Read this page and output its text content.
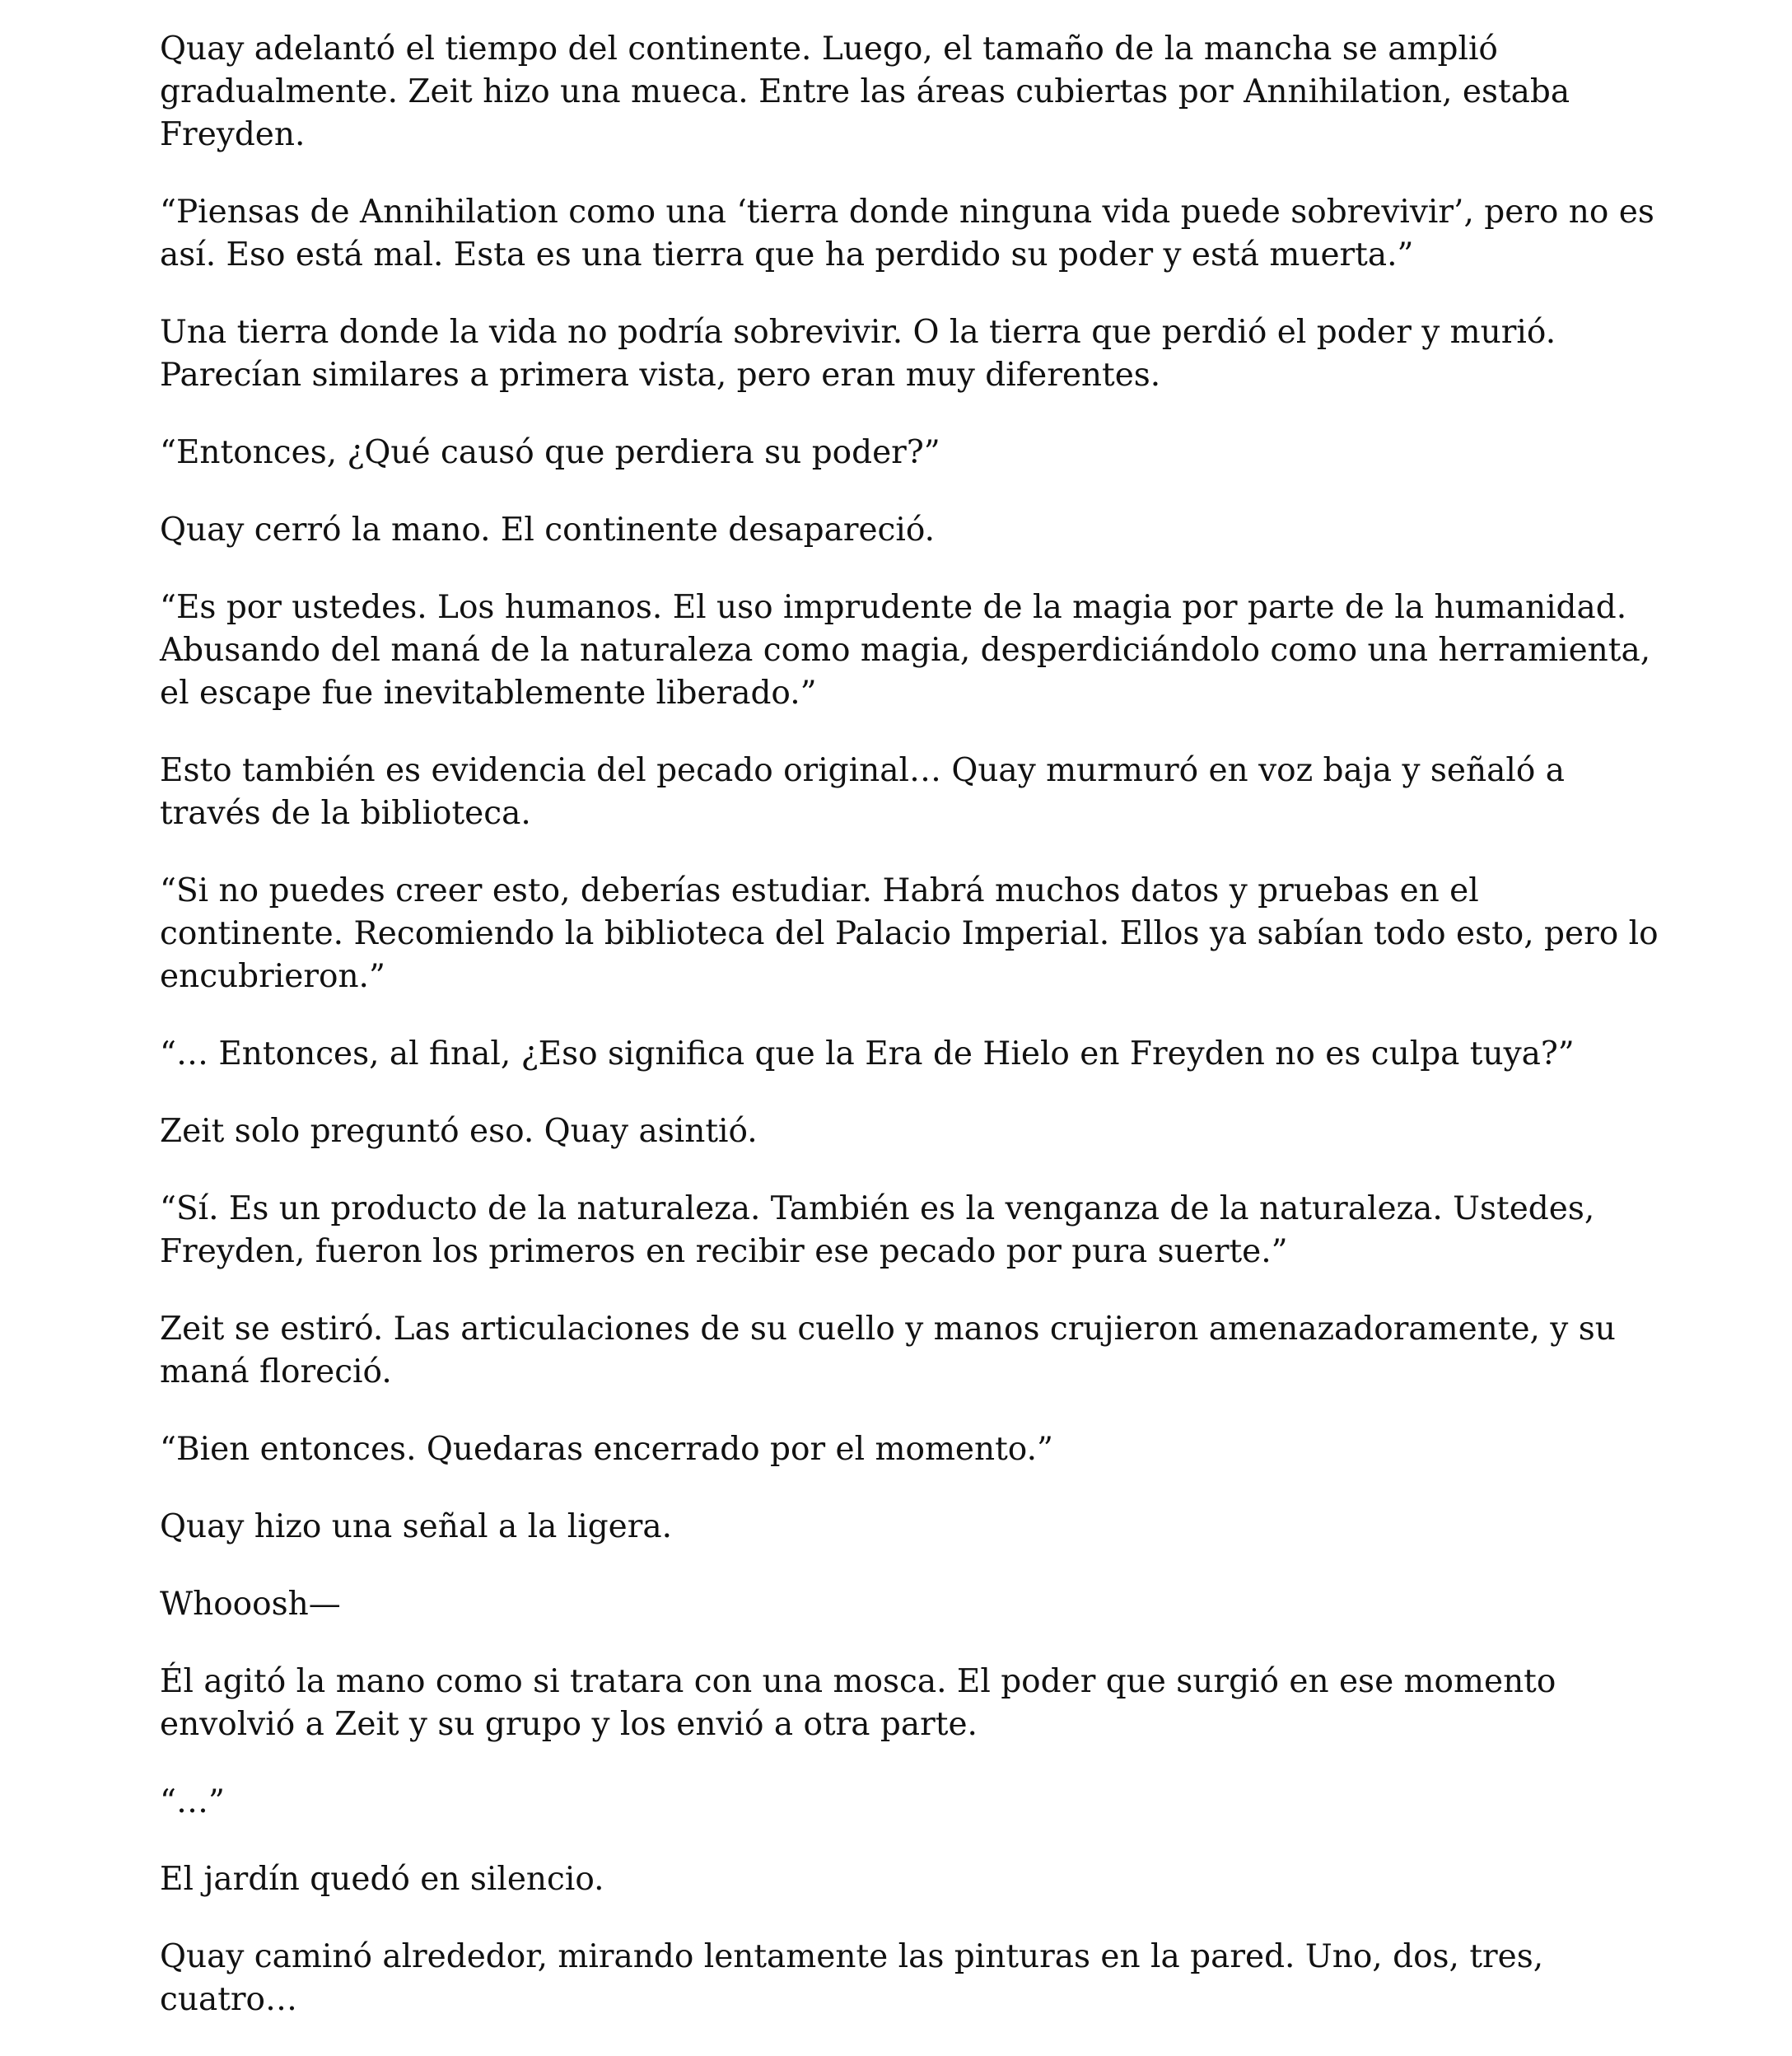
Quay adelantó el tiempo del continente. Luego, el tamaño de la mancha se amplió gradualmente. Zeit hizo una mueca. Entre las áreas cubiertas por Annihilation, estaba Freyden.

“Piensas de Annihilation como una ‘tierra donde ninguna vida puede sobrevivir’, pero no es así. Eso está mal. Esta es una tierra que ha perdido su poder y está muerta.”

Una tierra donde la vida no podría sobrevivir. O la tierra que perdió el poder y murió. Parecían similares a primera vista, pero eran muy diferentes.

“Entonces, ¿Qué causó que perdiera su poder?”

Quay cerró la mano. El continente desapareció.

“Es por ustedes. Los humanos. El uso imprudente de la magia por parte de la humanidad. Abusando del maná de la naturaleza como magia, desperdiciándolo como una herramienta, el escape fue inevitablemente liberado.”

Esto también es evidencia del pecado original… Quay murmuró en voz baja y señaló a través de la biblioteca.

“Si no puedes creer esto, deberías estudiar. Habrá muchos datos y pruebas en el continente. Recomiendo la biblioteca del Palacio Imperial. Ellos ya sabían todo esto, pero lo encubrieron.”

“… Entonces, al final, ¿Eso significa que la Era de Hielo en Freyden no es culpa tuya?”

Zeit solo preguntó eso. Quay asintió.

“Sí. Es un producto de la naturaleza. También es la venganza de la naturaleza. Ustedes, Freyden, fueron los primeros en recibir ese pecado por pura suerte.”

Zeit se estiró. Las articulaciones de su cuello y manos crujieron amenazadoramente, y su maná floreció.

“Bien entonces. Quedaras encerrado por el momento.”

Quay hizo una señal a la ligera.

Whooosh—

Él agitó la mano como si tratara con una mosca. El poder que surgió en ese momento envolvió a Zeit y su grupo y los envió a otra parte.

“…”

El jardín quedó en silencio.

Quay caminó alrededor, mirando lentamente las pinturas en la pared. Uno, dos, tres, cuatro…
